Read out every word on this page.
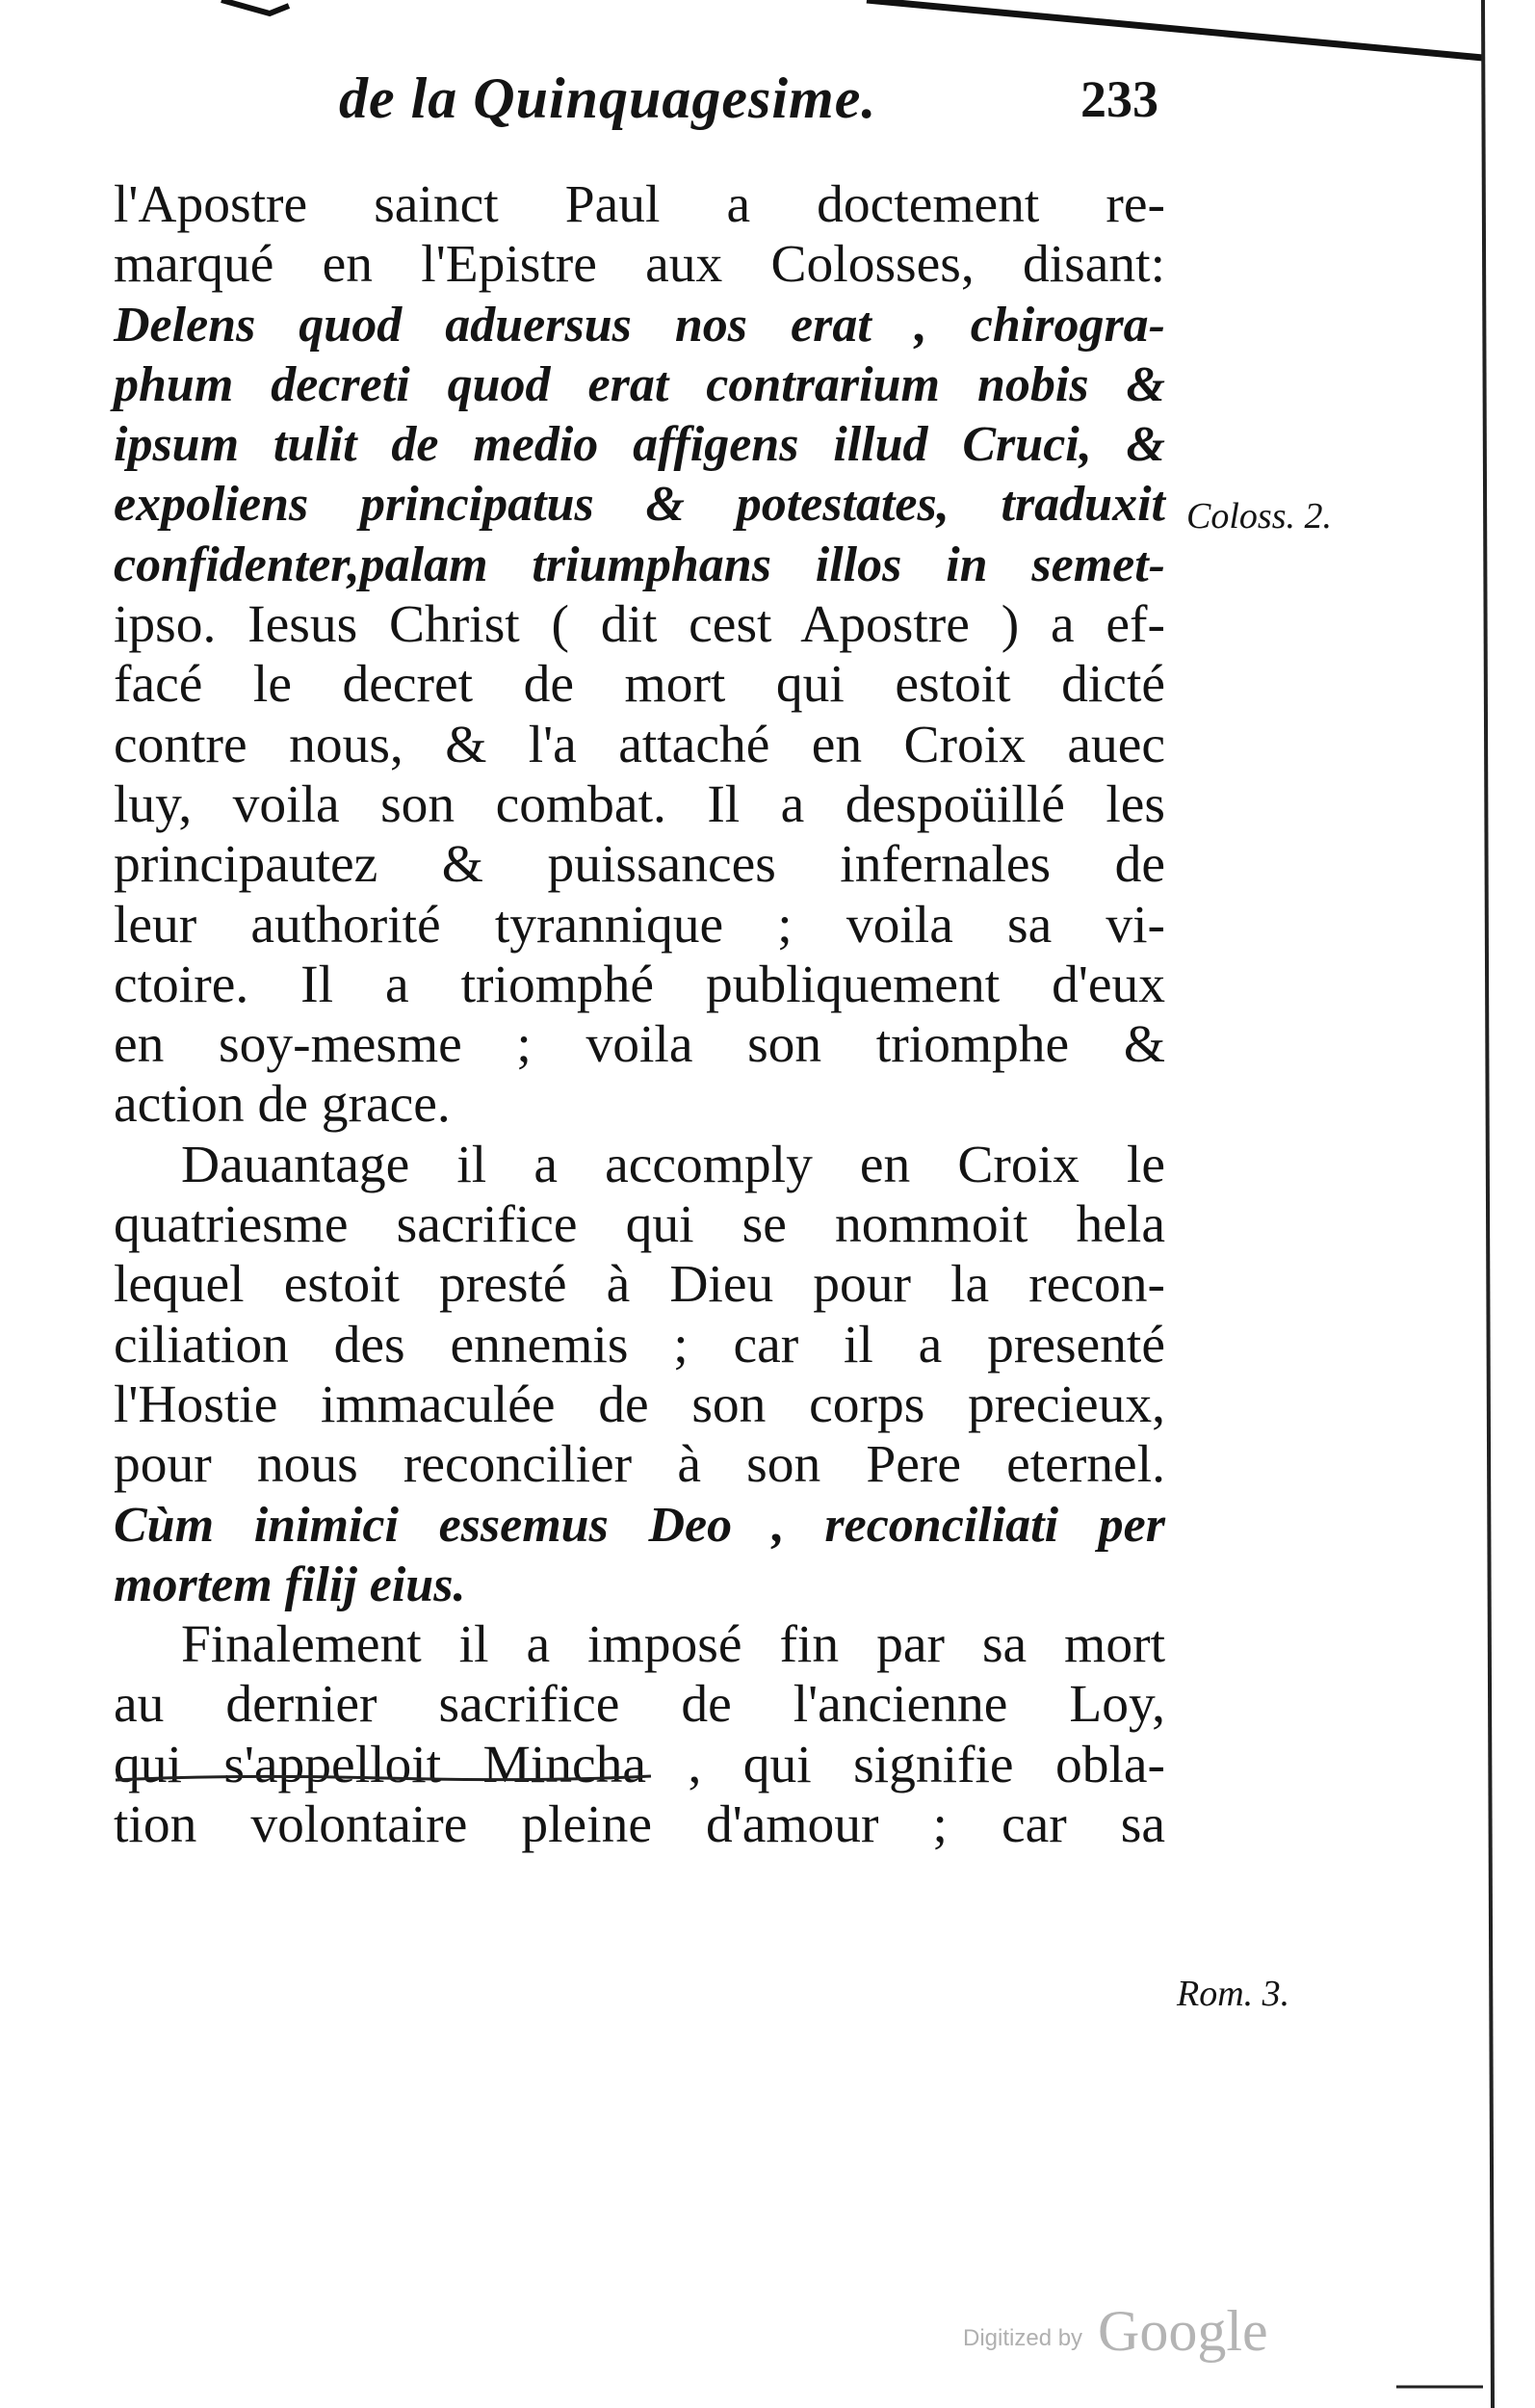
de la Quinquagesime.	233
l'Apostre sainct Paul a doctement re-
marqué en l'Epistre aux Colosses, disant:
Delens quod aduersus nos erat , chirogra-
phum decreti quod erat contrarium nobis &
ipsum tulit de medio affigens illud Cruci, &
expoliens principatus & potestates, traduxit
confidenter,palam triumphans illos in semet-
ipso. Iesus Christ ( dit cest Apostre ) a ef-
facé le decret de mort qui estoit dicté
contre nous, & l'a attaché en Croix auec
luy, voila son combat. Il a despoüillé les
principautez & puissances infernales de
leur authorité tyrannique ; voila sa vi-
ctoire. Il a triomphé publiquement d'eux
en soy-mesme ; voila son triomphe &
action de grace.
Dauantage il a accomply en Croix le
quatriesme sacrifice qui se nommoit hela
lequel estoit presté à Dieu pour la recon-
ciliation des ennemis ; car il a presenté
l'Hostie immaculée de son corps precieux,
pour nous reconcilier à son Pere eternel.
Cùm inimici essemus Deo , reconciliati per
mortem filij eius.
Finalement il a imposé fin par sa mort
au dernier sacrifice de l'ancienne Loy,
qui s'appelloit Mincha , qui signifie obla-
tion volontaire pleine d'amour ; car sa
Coloss. 2.
Rom. 3.
Digitized by Google
